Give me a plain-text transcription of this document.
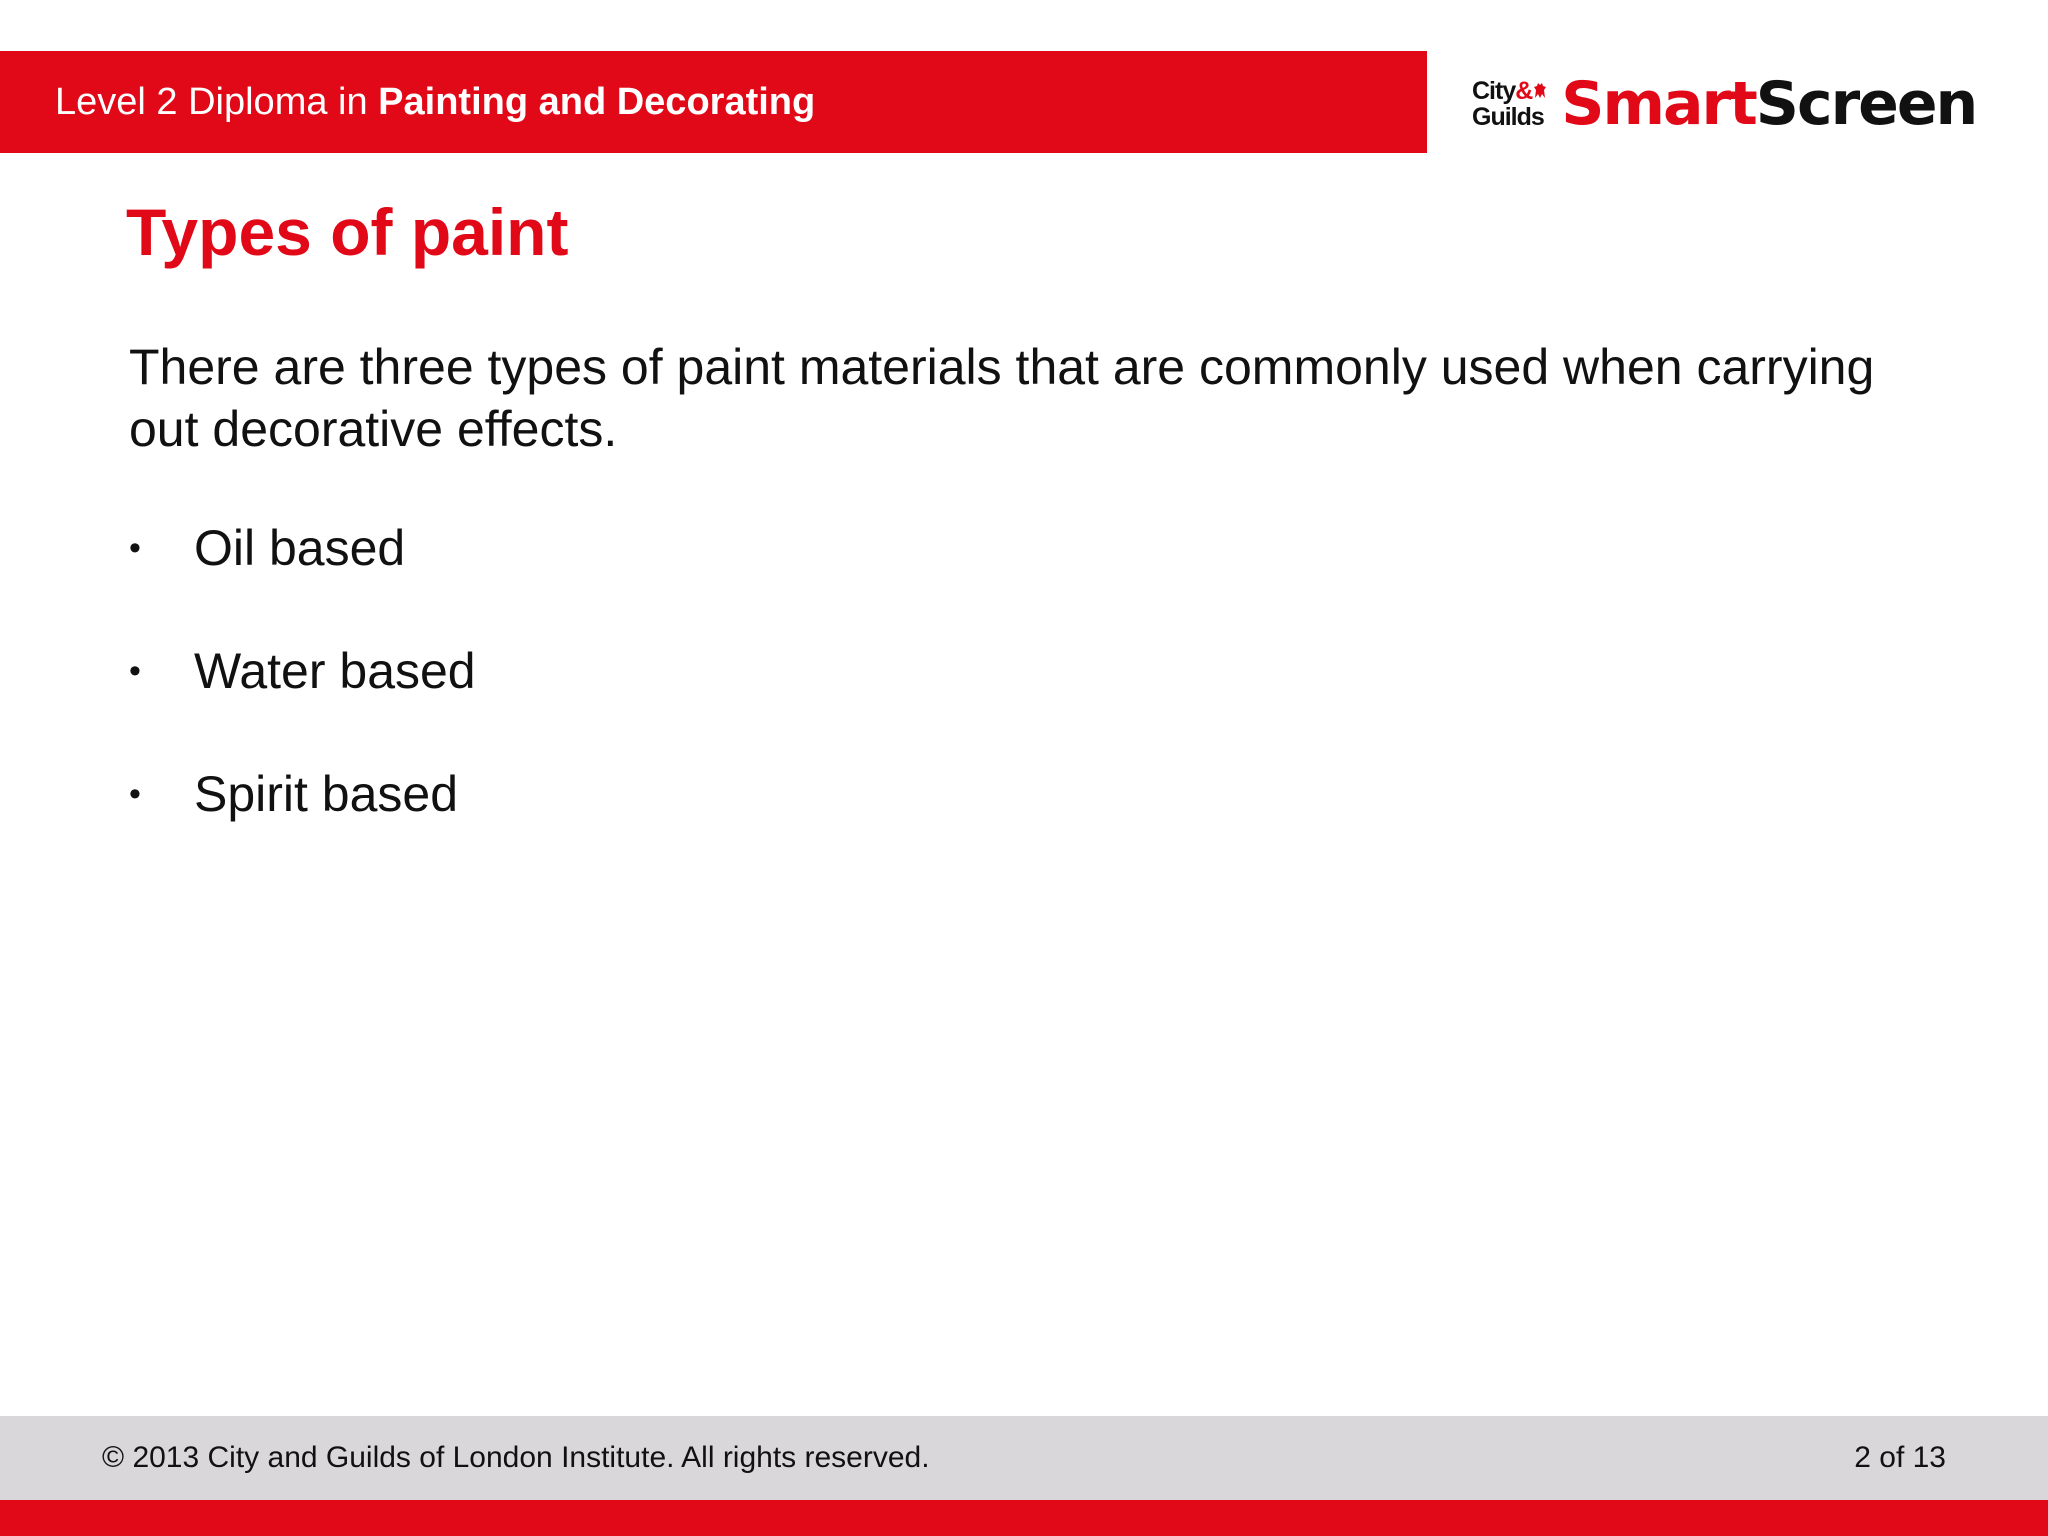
Level 2 Diploma in Painting and Decorating	City &
Guilds SmartScreen
Types of paint

There are three types of paint materials that are commonly used when carrying out decorative effects.

•	Oil based
•	Water based
•	Spirit based
© 2013 City and Guilds of London Institute. All rights reserved.	2 of 13
